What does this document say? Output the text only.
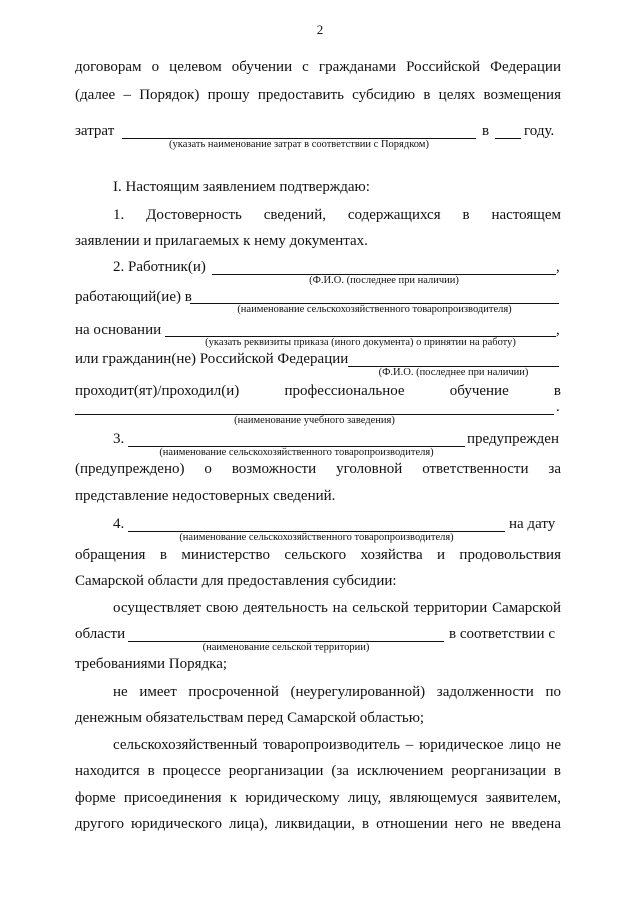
2
договорам о целевом обучении с гражданами Российской Федерации
(далее – Порядок) прошу предоставить субсидию в целях возмещения
затрат	в году.
(указать наименование затрат в соответствии с Порядком)
I. Настоящим заявлением подтверждаю:
1. Достоверность сведений, содержащихся в настоящем
заявлении и прилагаемых к нему документах.
2. Работник(и)	,
(Ф.И.О. (последнее при наличии)
работающий(ие) в
(наименование сельскохозяйственного товаропроизводителя)
на основании	,
(указать реквизиты приказа (иного документа) о принятии на работу)
или гражданин(не) Российской Федерации
(Ф.И.О. (последнее при наличии)
проходит(ят)/проходил(и) профессиональное обучение в
.
(наименование учебного заведения)
3.	предупрежден
(наименование сельскохозяйственного товаропроизводителя)
(предупреждено) о возможности уголовной ответственности за
представление недостоверных сведений.
4.	на дату
(наименование сельскохозяйственного товаропроизводителя)
обращения в министерство сельского хозяйства и продовольствия
Самарской области для предоставления субсидии:
осуществляет свою деятельность на сельской территории Самарской
области	в соответствии с
(наименование сельской территории)
требованиями Порядка;
не имеет просроченной (неурегулированной) задолженности по
денежным обязательствам перед Самарской областью;
сельскохозяйственный товаропроизводитель – юридическое лицо не
находится в процессе реорганизации (за исключением реорганизации в
форме присоединения к юридическому лицу, являющемуся заявителем,
другого юридического лица), ликвидации, в отношении него не введена
